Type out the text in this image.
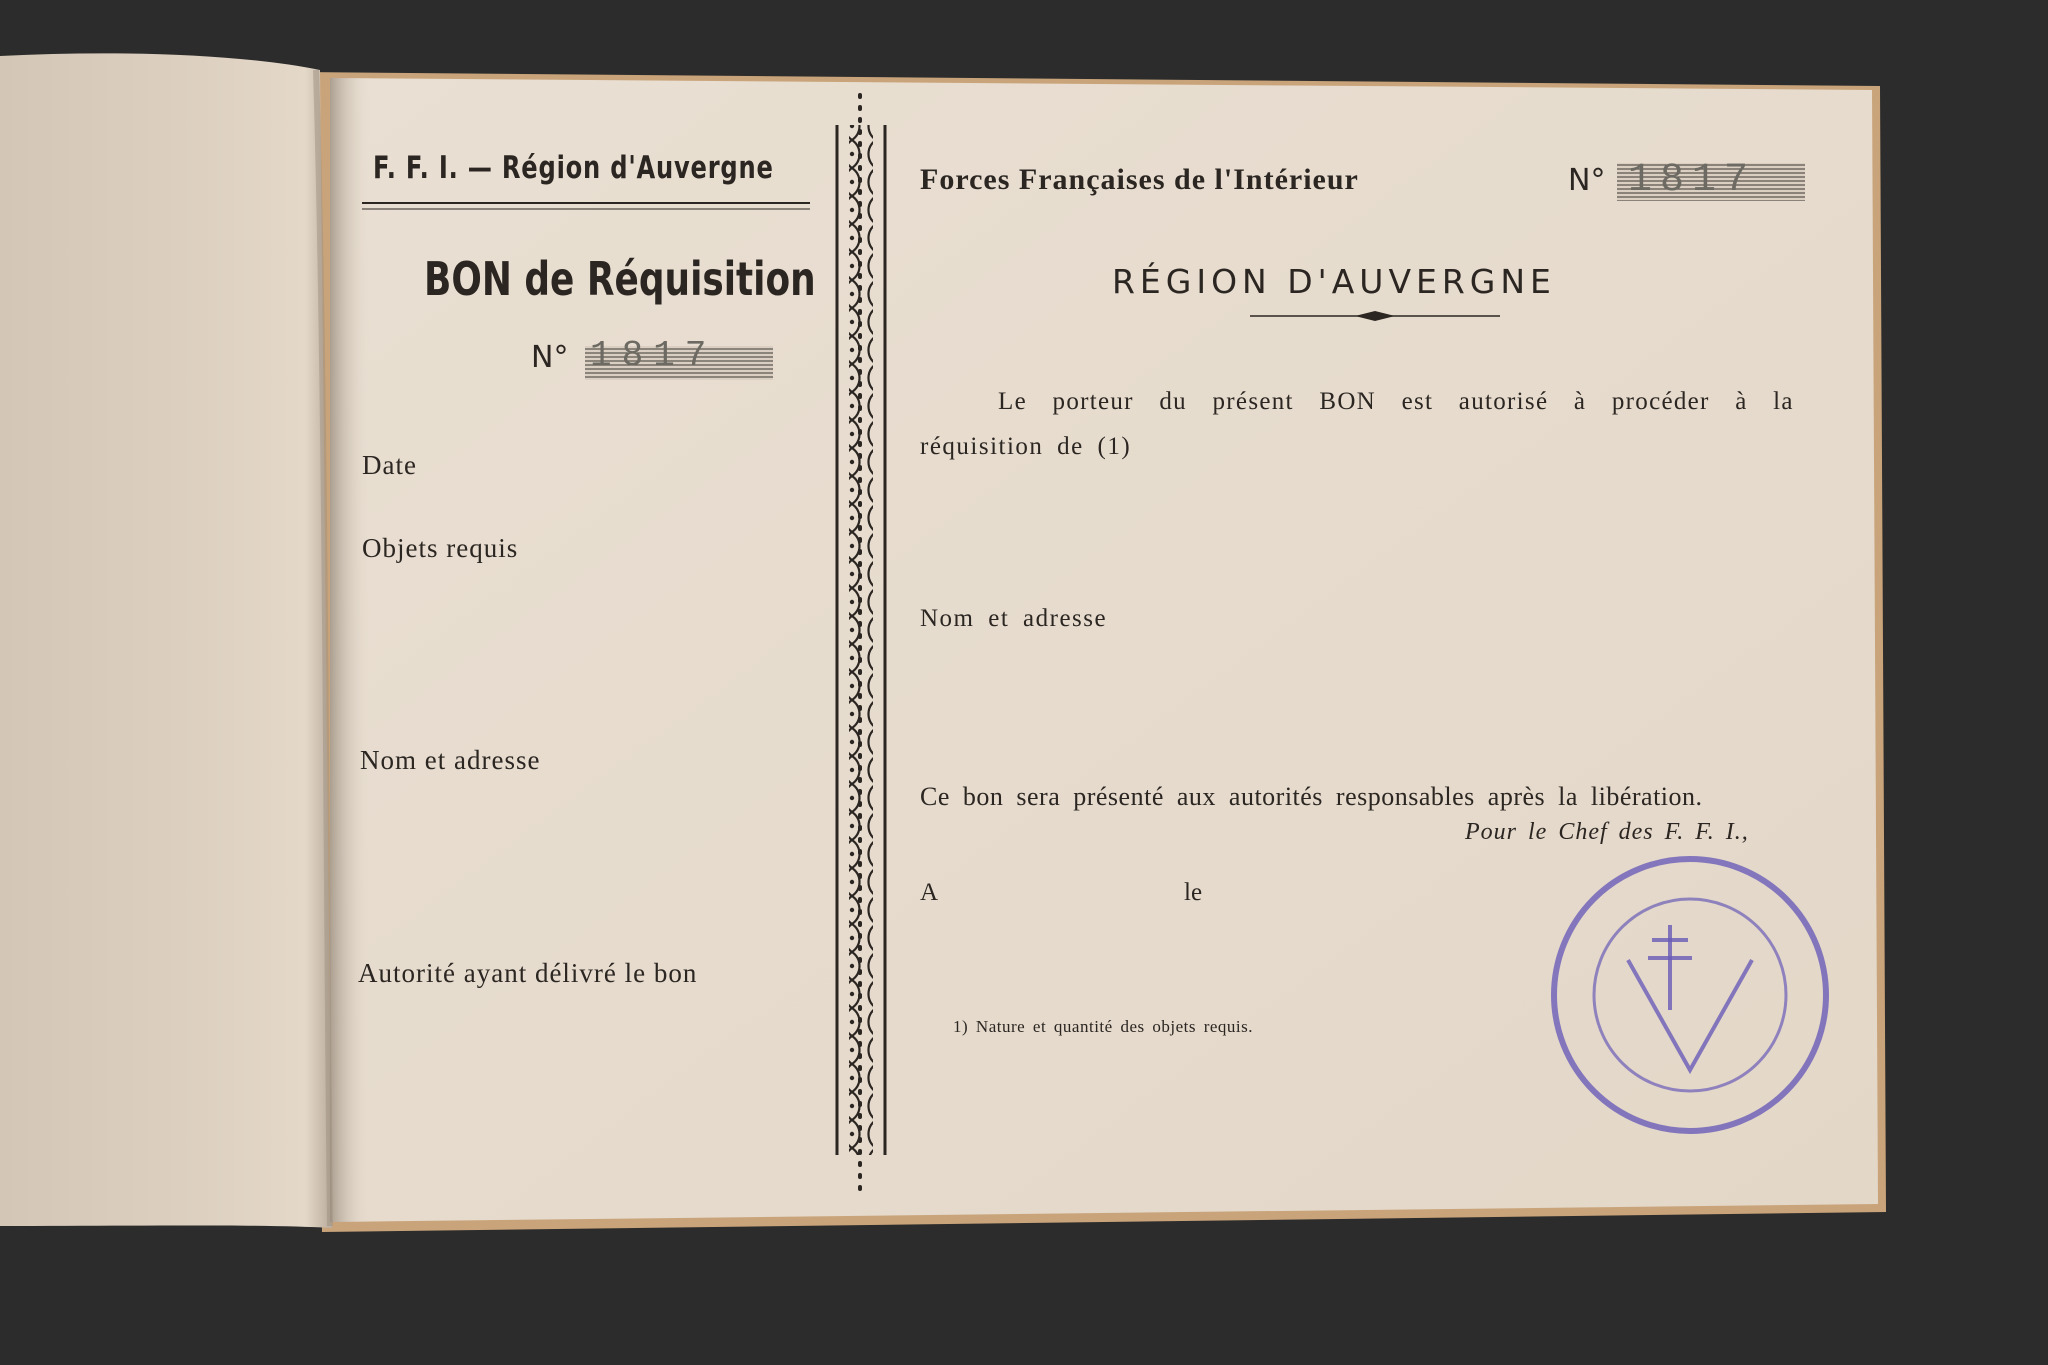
F. F. I. — Région d'Auvergne
BON de Réquisition
N° 1817
Date
Objets requis
Nom et adresse
Autorité ayant délivré le bon
Forces Françaises de l'Intérieur	N° 1817
RÉGION D'AUVERGNE
Le porteur du présent BON est autorisé à procéder à la
réquisition de (1)
Nom et adresse
Ce bon sera présenté aux autorités responsables après la libération.
Pour le Chef des F. F. I.,
A	le
1) Nature et quantité des objets requis.
